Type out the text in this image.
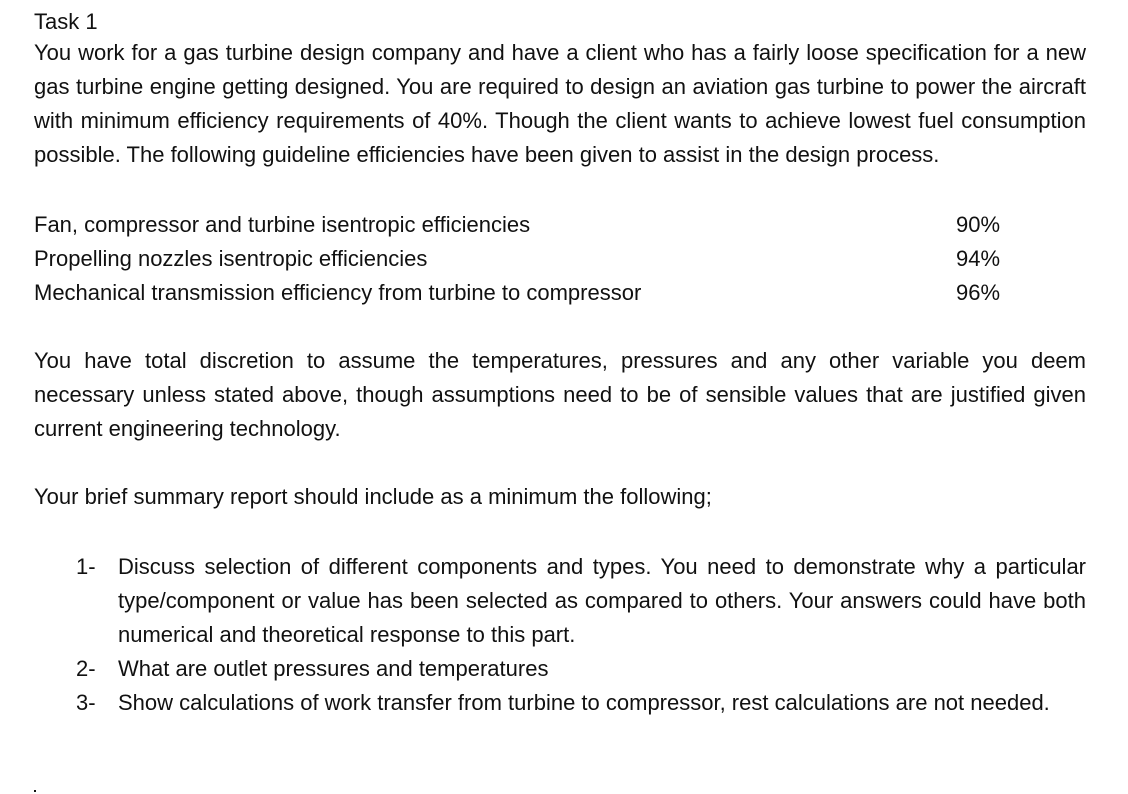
Task 1

You work for a gas turbine design company and have a client who has a fairly loose specification for a new gas turbine engine getting designed. You are required to design an aviation gas turbine to power the aircraft with minimum efficiency requirements of 40%. Though the client wants to achieve lowest fuel consumption possible. The following guideline efficiencies have been given to assist in the design process.

Fan, compressor and turbine isentropic efficiencies	90%
Propelling nozzles isentropic efficiencies	94%
Mechanical transmission efficiency from turbine to compressor	96%

You have total discretion to assume the temperatures, pressures and any other variable you deem necessary unless stated above, though assumptions need to be of sensible values that are justified given current engineering technology.

Your brief summary report should include as a minimum the following;

1-	Discuss selection of different components and types. You need to demonstrate why a particular type/component or value has been selected as compared to others. Your answers could have both numerical and theoretical response to this part.
2-	What are outlet pressures and temperatures
3-	Show calculations of work transfer from turbine to compressor, rest calculations are not needed.
